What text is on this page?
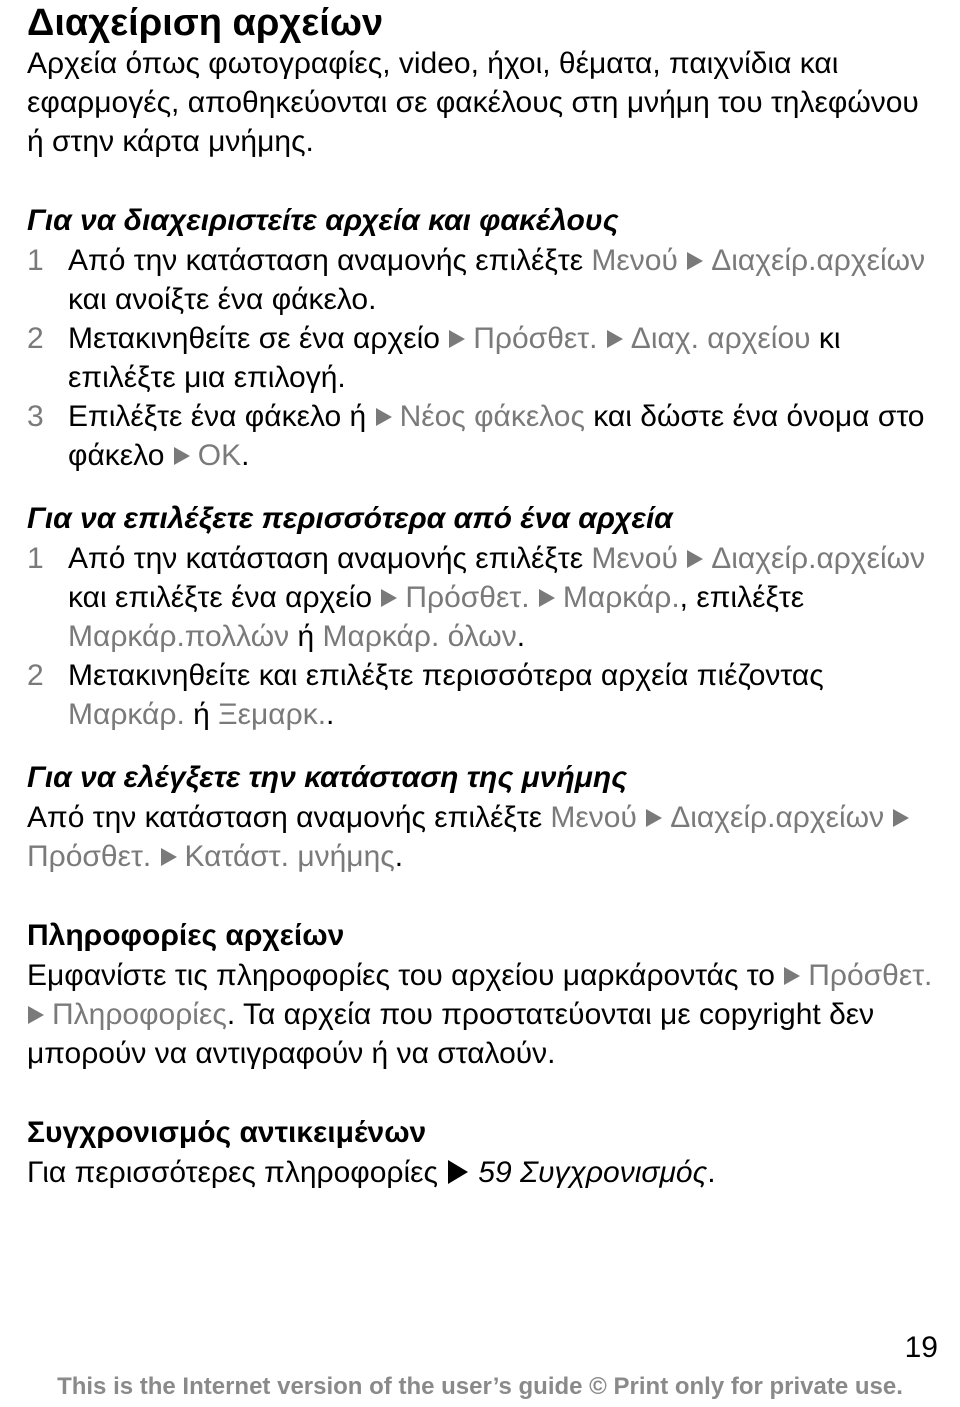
Διαχείριση αρχείων

Αρχεία όπως φωτογραφίες, video, ήχοι, θέματα, παιχνίδια και εφαρμογές, αποθηκεύονται σε φακέλους στη μνήμη του τηλεφώνου ή στην κάρτα μνήμης.

Για να διαχειριστείτε αρχεία και φακέλους
1 Από την κατάσταση αναμονής επιλέξτε Μενού Διαχείρ.αρχείων και ανοίξτε ένα φάκελο.
2 Μετακινηθείτε σε ένα αρχείο Πρόσθετ. Διαχ. αρχείου κι επιλέξτε μια επιλογή.
3 Επιλέξτε ένα φάκελο ή Νέος φάκελος και δώστε ένα όνομα στο φάκελο OK.
Για να επιλέξετε περισσότερα από ένα αρχεία
1 Από την κατάσταση αναμονής επιλέξτε Μενού Διαχείρ.αρχείων και επιλέξτε ένα αρχείο Πρόσθετ. Μαρκάρ., επιλέξτε Μαρκάρ.πολλών ή Μαρκάρ. όλων.
2 Μετακινηθείτε και επιλέξτε περισσότερα αρχεία πιέζοντας Μαρκάρ. ή Ξεμαρκ..
Για να ελέγξετε την κατάσταση της μνήμης

Από την κατάσταση αναμονής επιλέξτε Μενού Διαχείρ.αρχείων Πρόσθετ. Κατάστ. μνήμης.

Πληροφορίες αρχείων

Εμφανίστε τις πληροφορίες του αρχείου μαρκάροντάς το Πρόσθετ. Πληροφορίες. Τα αρχεία που προστατεύονται με copyright δεν μπορούν να αντιγραφούν ή να σταλούν.

Συγχρονισμός αντικειμένων

Για περισσότερες πληροφορίες 59 Συγχρονισμός.

19
This is the Internet version of the user’s guide © Print only for private use.
